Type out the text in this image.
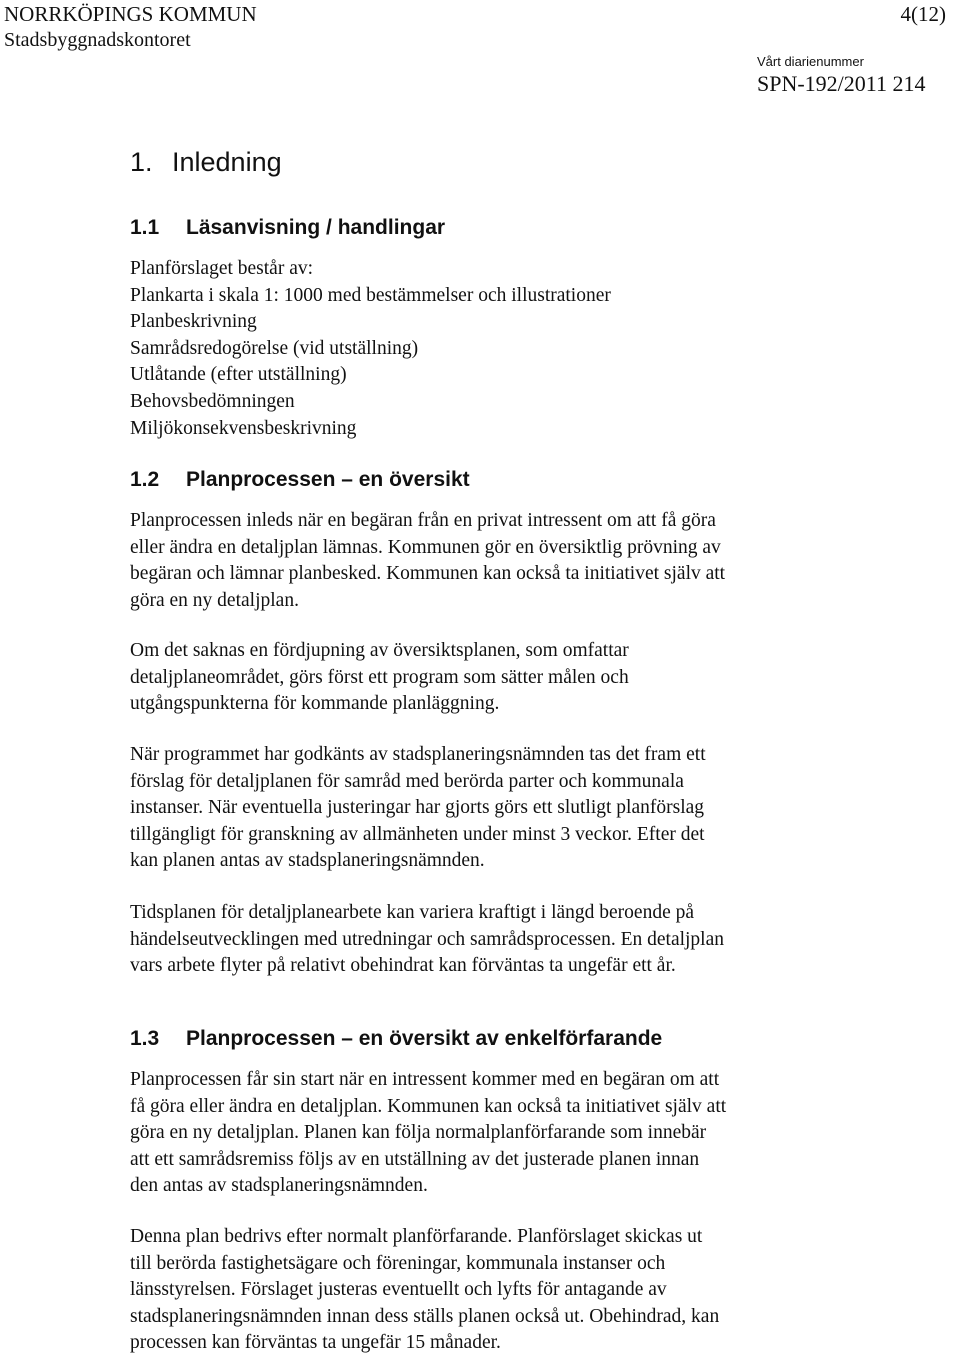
NORRKÖPINGS KOMMUN	4(12)
Stadsbyggnadskontoret
Vårt diarienummer
SPN-192/2011 214
1. Inledning
1.1 Läsanvisning / handlingar
Planförslaget består av:
Plankarta i skala 1: 1000 med bestämmelser och illustrationer
Planbeskrivning
Samrådsredogörelse (vid utställning)
Utlåtande (efter utställning)
Behovsbedömningen
Miljökonsekvensbeskrivning
1.2 Planprocessen – en översikt
Planprocessen inleds när en begäran från en privat intressent om att få göra
eller ändra en detaljplan lämnas. Kommunen gör en översiktlig prövning av
begäran och lämnar planbesked. Kommunen kan också ta initiativet själv att
göra en ny detaljplan.
Om det saknas en fördjupning av översiktsplanen, som omfattar
detaljplaneområdet, görs först ett program som sätter målen och
utgångspunkterna för kommande planläggning.
När programmet har godkänts av stadsplaneringsnämnden tas det fram ett
förslag för detaljplanen för samråd med berörda parter och kommunala
instanser. När eventuella justeringar har gjorts görs ett slutligt planförslag
tillgängligt för granskning av allmänheten under minst 3 veckor. Efter det
kan planen antas av stadsplaneringsnämnden.
Tidsplanen för detaljplanearbete kan variera kraftigt i längd beroende på
händelseutvecklingen med utredningar och samrådsprocessen. En detaljplan
vars arbete flyter på relativt obehindrat kan förväntas ta ungefär ett år.
1.3 Planprocessen – en översikt av enkelförfarande
Planprocessen får sin start när en intressent kommer med en begäran om att
få göra eller ändra en detaljplan. Kommunen kan också ta initiativet själv att
göra en ny detaljplan. Planen kan följa normalplanförfarande som innebär
att ett samrådsremiss följs av en utställning av det justerade planen innan
den antas av stadsplaneringsnämnden.
Denna plan bedrivs efter normalt planförfarande. Planförslaget skickas ut
till berörda fastighetsägare och föreningar, kommunala instanser och
länsstyrelsen. Förslaget justeras eventuellt och lyfts för antagande av
stadsplaneringsnämnden innan dess ställs planen också ut. Obehindrad, kan
processen kan förväntas ta ungefär 15 månader.
